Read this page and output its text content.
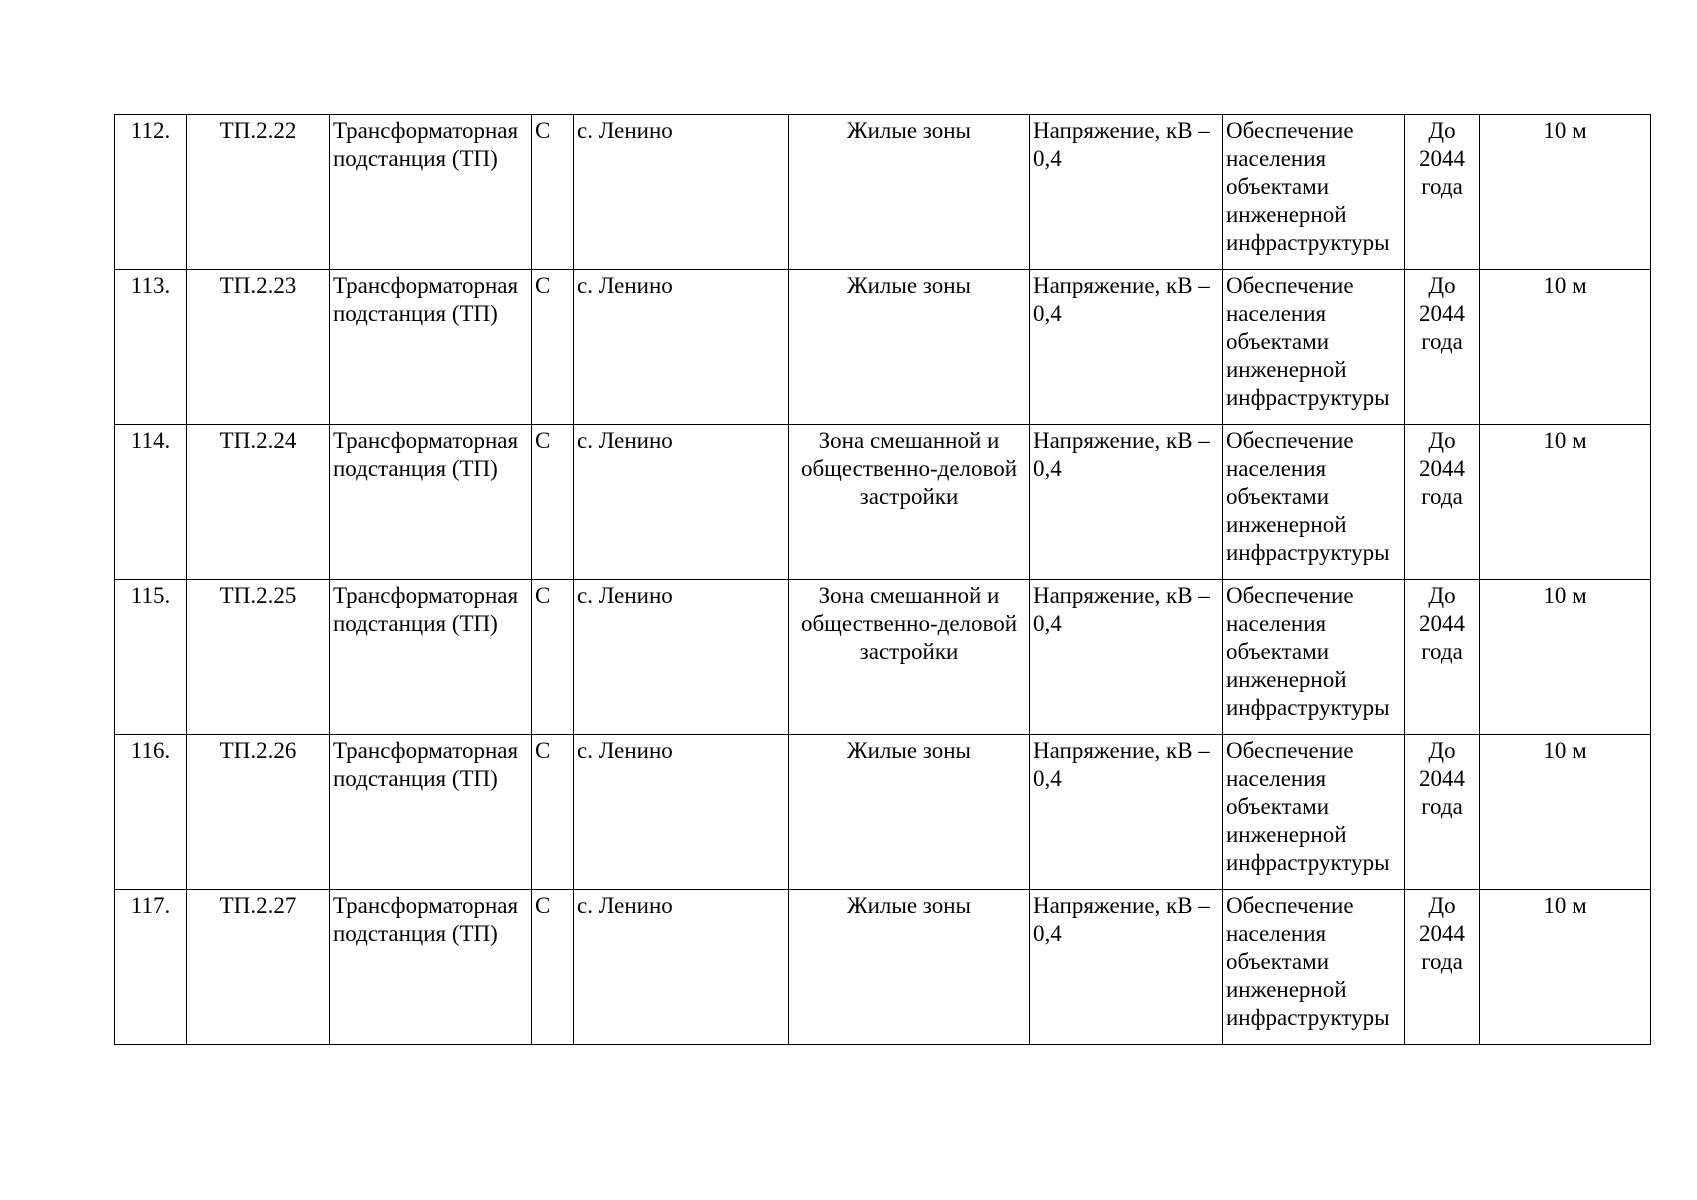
112.	ТП.2.22	Трансформаторная подстанция (ТП)	С	с. Ленино	Жилые зоны	Напряжение, кВ – 0,4	Обеспечение населения объектами инженерной инфраструктуры	До 2044 года	10 м
113.	ТП.2.23	Трансформаторная подстанция (ТП)	С	с. Ленино	Жилые зоны	Напряжение, кВ – 0,4	Обеспечение населения объектами инженерной инфраструктуры	До 2044 года	10 м
114.	ТП.2.24	Трансформаторная подстанция (ТП)	С	с. Ленино	Зона смешанной и общественно-деловой застройки	Напряжение, кВ – 0,4	Обеспечение населения объектами инженерной инфраструктуры	До 2044 года	10 м
115.	ТП.2.25	Трансформаторная подстанция (ТП)	С	с. Ленино	Зона смешанной и общественно-деловой застройки	Напряжение, кВ – 0,4	Обеспечение населения объектами инженерной инфраструктуры	До 2044 года	10 м
116.	ТП.2.26	Трансформаторная подстанция (ТП)	С	с. Ленино	Жилые зоны	Напряжение, кВ – 0,4	Обеспечение населения объектами инженерной инфраструктуры	До 2044 года	10 м
117.	ТП.2.27	Трансформаторная подстанция (ТП)	С	с. Ленино	Жилые зоны	Напряжение, кВ – 0,4	Обеспечение населения объектами инженерной инфраструктуры	До 2044 года	10 м
